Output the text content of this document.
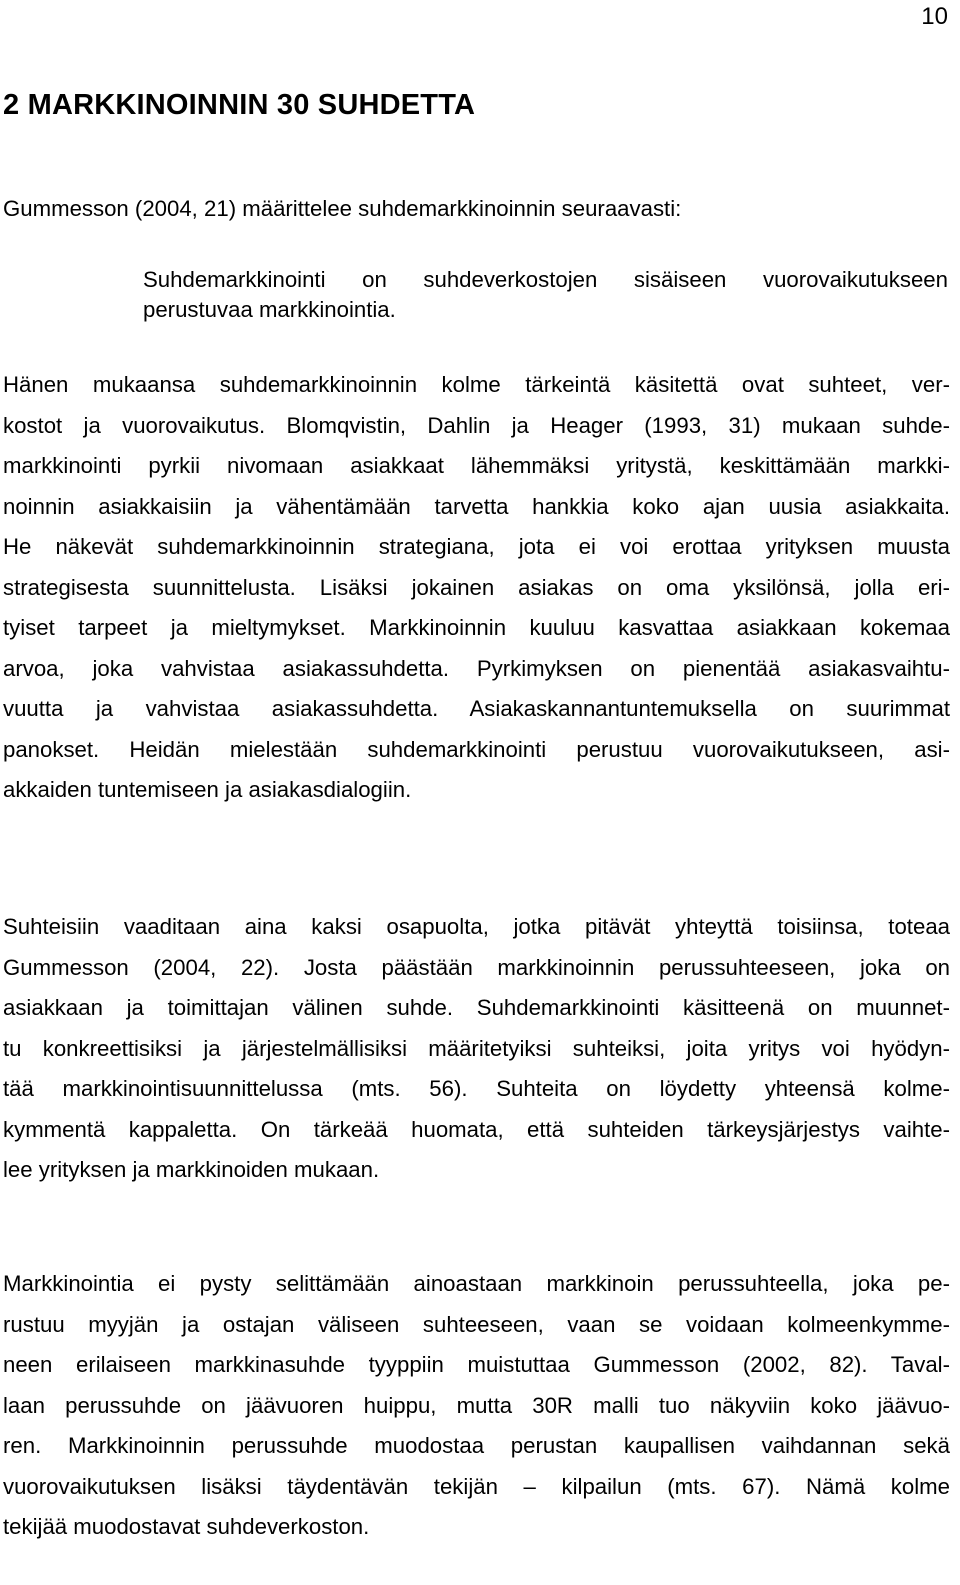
10
2 MARKKINOINNIN 30 SUHDETTA

Gummesson (2004, 21) määrittelee suhdemarkkinoinnin seuraavasti:

Suhdemarkkinointi on suhdeverkostojen sisäiseen vuorovaikutukseen
perustuvaa markkinointia.

Hänen mukaansa suhdemarkkinoinnin kolme tärkeintä käsitettä ovat suhteet, ver-
kostot ja vuorovaikutus. Blomqvistin, Dahlin ja Heager (1993, 31) mukaan suhde-
markkinointi pyrkii nivomaan asiakkaat lähemmäksi yritystä, keskittämään markki-
noinnin asiakkaisiin ja vähentämään tarvetta hankkia koko ajan uusia asiakkaita.
He näkevät suhdemarkkinoinnin strategiana, jota ei voi erottaa yrityksen muusta
strategisesta suunnittelusta. Lisäksi jokainen asiakas on oma yksilönsä, jolla eri-
tyiset tarpeet ja mieltymykset. Markkinoinnin kuuluu kasvattaa asiakkaan kokemaa
arvoa, joka vahvistaa asiakassuhdetta. Pyrkimyksen on pienentää asiakasvaihtu-
vuutta ja vahvistaa asiakassuhdetta. Asiakaskannantuntemuksella on suurimmat
panokset. Heidän mielestään suhdemarkkinointi perustuu vuorovaikutukseen, asi-
akkaiden tuntemiseen ja asiakasdialogiin.

Suhteisiin vaaditaan aina kaksi osapuolta, jotka pitävät yhteyttä toisiinsa, toteaa
Gummesson (2004, 22). Josta päästään markkinoinnin perussuhteeseen, joka on
asiakkaan ja toimittajan välinen suhde. Suhdemarkkinointi käsitteenä on muunnet-
tu konkreettisiksi ja järjestelmällisiksi määritetyiksi suhteiksi, joita yritys voi hyödyn-
tää markkinointisuunnittelussa (mts. 56). Suhteita on löydetty yhteensä kolme-
kymmentä kappaletta. On tärkeää huomata, että suhteiden tärkeysjärjestys vaihte-
lee yrityksen ja markkinoiden mukaan.

Markkinointia ei pysty selittämään ainoastaan markkinoin perussuhteella, joka pe-
rustuu myyjän ja ostajan väliseen suhteeseen, vaan se voidaan kolmeenkymme-
neen erilaiseen markkinasuhde tyyppiin muistuttaa Gummesson (2002, 82). Taval-
laan perussuhde on jäävuoren huippu, mutta 30R malli tuo näkyviin koko jäävuo-
ren. Markkinoinnin perussuhde muodostaa perustan kaupallisen vaihdannan sekä
vuorovaikutuksen lisäksi täydentävän tekijän – kilpailun (mts. 67). Nämä kolme
tekijää muodostavat suhdeverkoston.
